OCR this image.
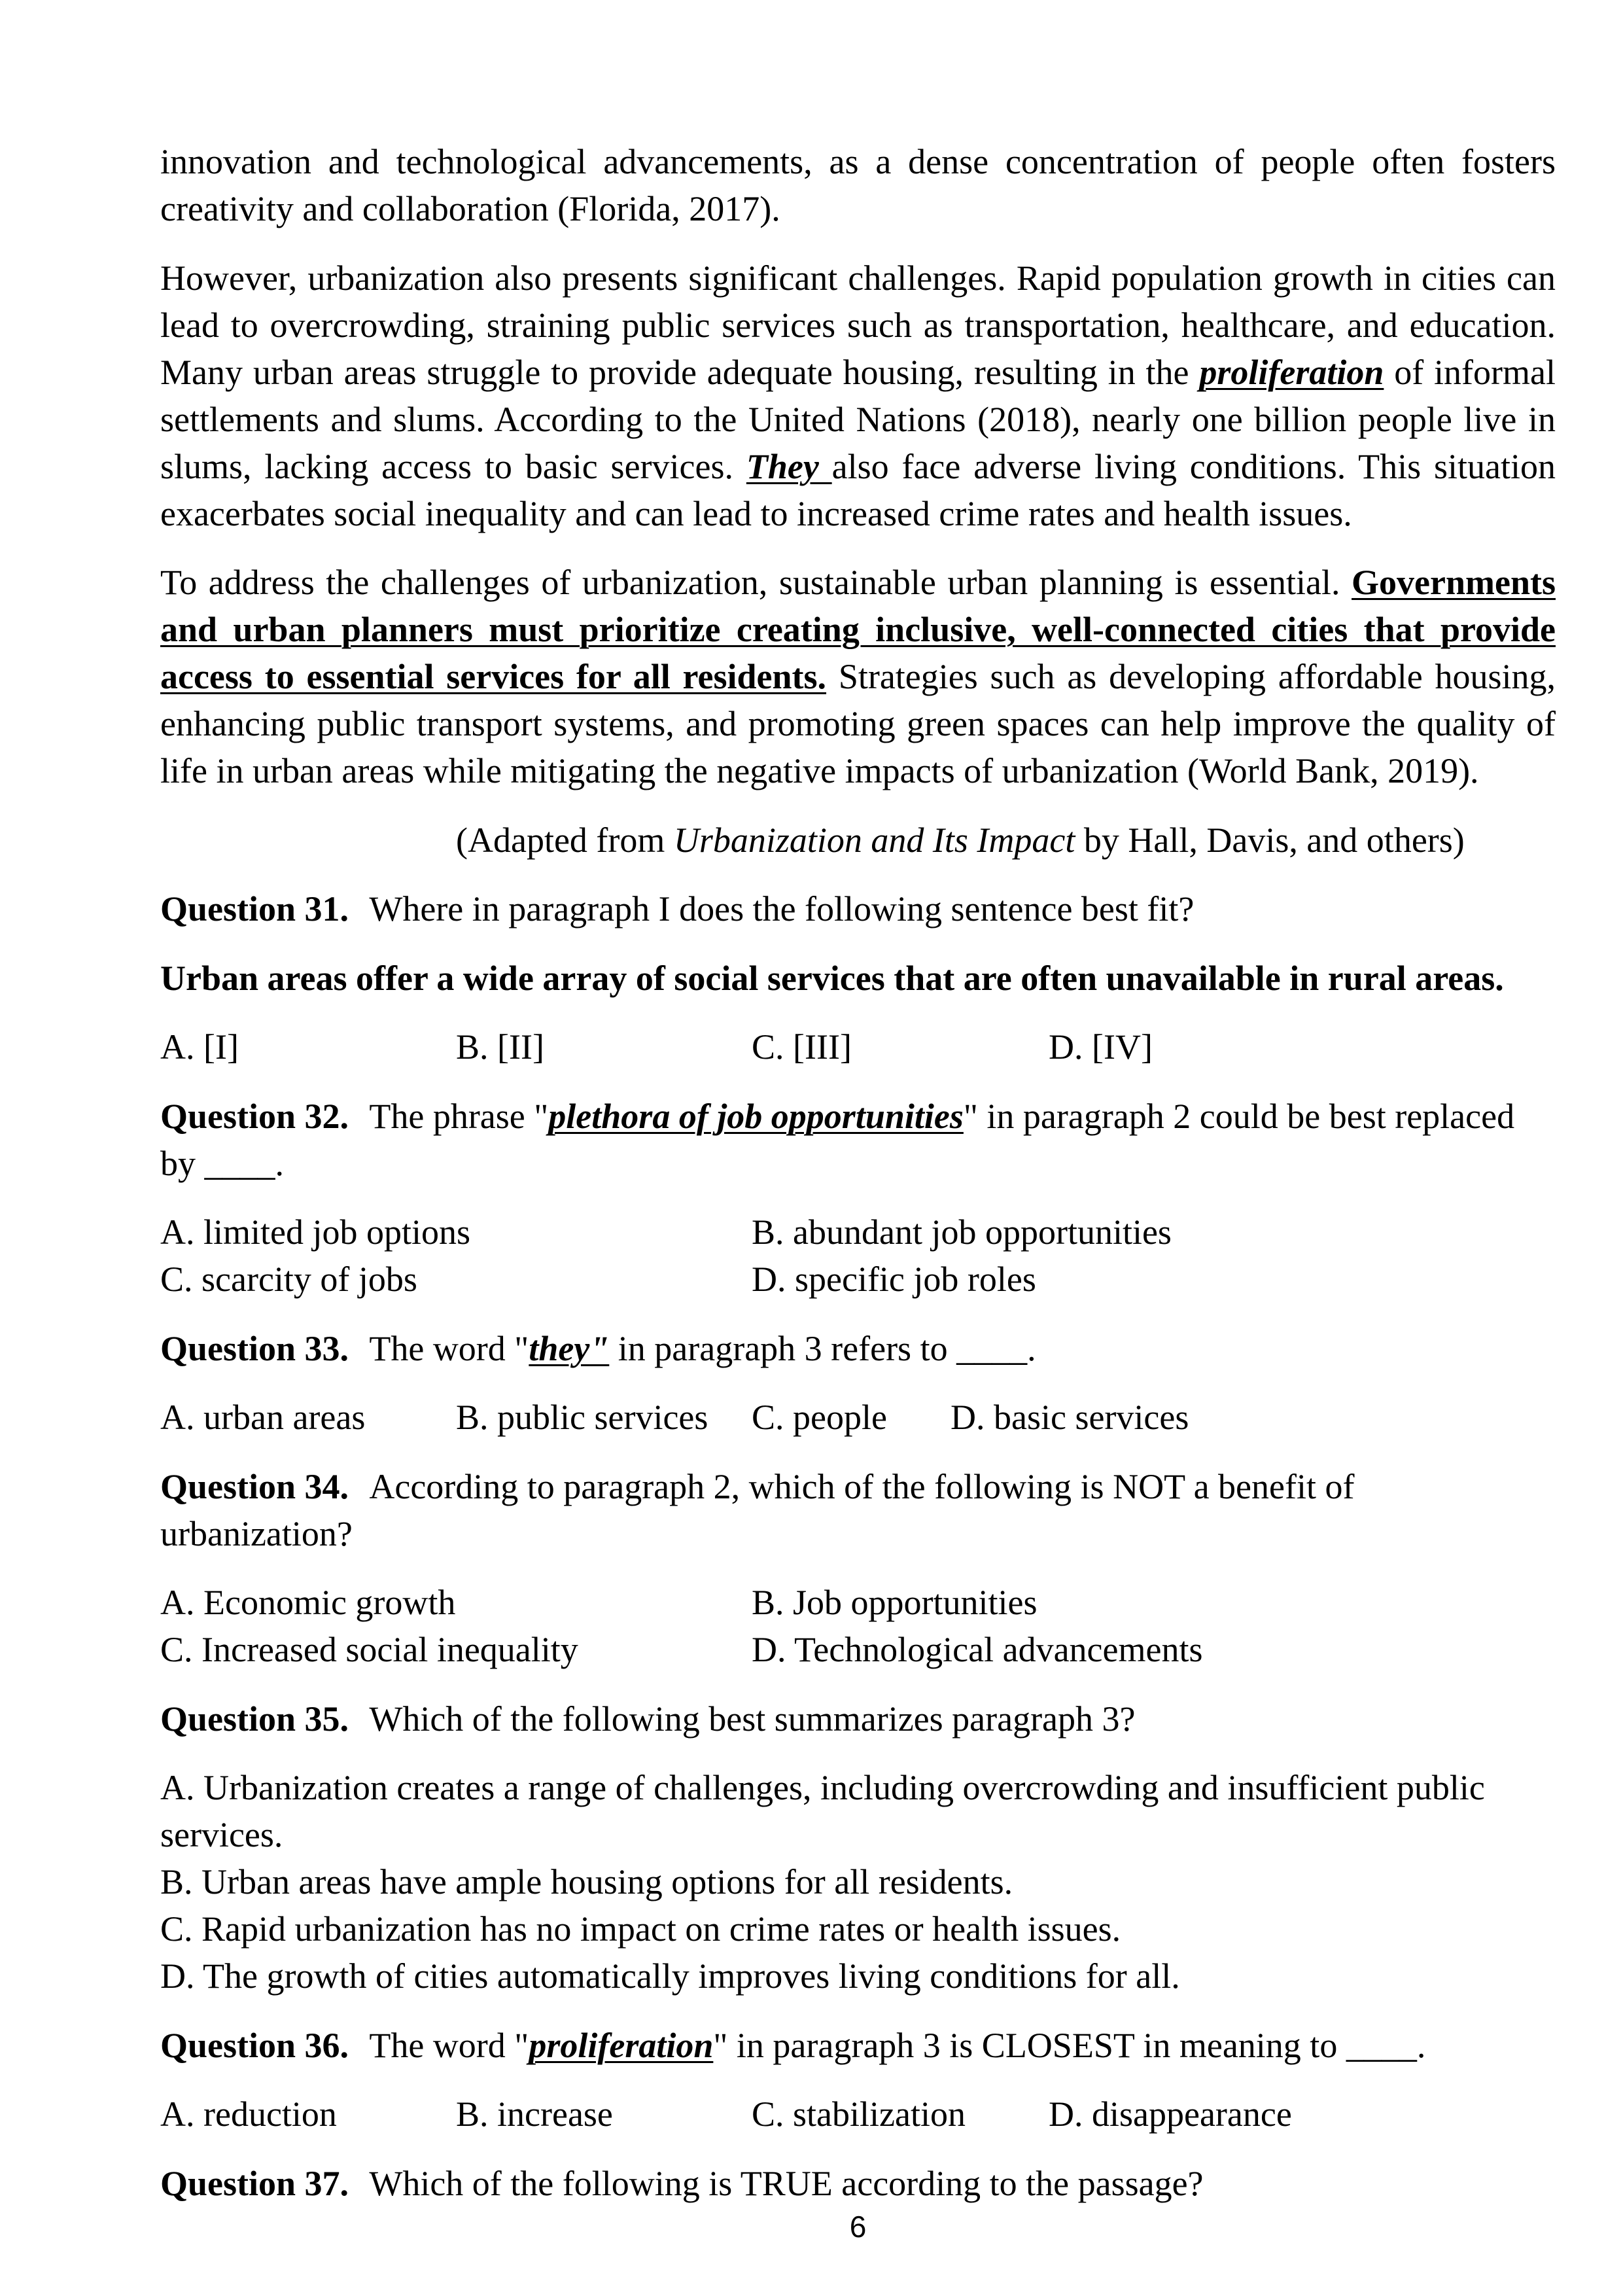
innovation and technological advancements, as a dense concentration of people often fosters creativity and collaboration (Florida, 2017).

However, urbanization also presents significant challenges. Rapid population growth in cities can lead to overcrowding, straining public services such as transportation, healthcare, and education. Many urban areas struggle to provide adequate housing, resulting in the proliferation of informal settlements and slums. According to the United Nations (2018), nearly one billion people live in slums, lacking access to basic services. They also face adverse living conditions. This situation exacerbates social inequality and can lead to increased crime rates and health issues.

To address the challenges of urbanization, sustainable urban planning is essential. Governments and urban planners must prioritize creating inclusive, well-connected cities that provide access to essential services for all residents. Strategies such as developing affordable housing, enhancing public transport systems, and promoting green spaces can help improve the quality of life in urban areas while mitigating the negative impacts of urbanization (World Bank, 2019).

(Adapted from Urbanization and Its Impact by Hall, Davis, and others)

Question 31. Where in paragraph I does the following sentence best fit?

Urban areas offer a wide array of social services that are often unavailable in rural areas.

A. [I]	B. [II]	C. [III]	D. [IV]

Question 32. The phrase "plethora of job opportunities" in paragraph 2 could be best replaced
by ____.

A. limited job options	B. abundant job opportunities
C. scarcity of jobs	D. specific job roles

Question 33. The word "they" in paragraph 3 refers to ____.

A. urban areas	B. public services	C. people	D. basic services

Question 34. According to paragraph 2, which of the following is NOT a benefit of
urbanization?

A. Economic growth	B. Job opportunities
C. Increased social inequality	D. Technological advancements

Question 35. Which of the following best summarizes paragraph 3?

A. Urbanization creates a range of challenges, including overcrowding and insufficient public services.
B. Urban areas have ample housing options for all residents.
C. Rapid urbanization has no impact on crime rates or health issues.
D. The growth of cities automatically improves living conditions for all.

Question 36. The word "proliferation" in paragraph 3 is CLOSEST in meaning to ____.

A. reduction	B. increase	C. stabilization	D. disappearance

Question 37. Which of the following is TRUE according to the passage?

6
